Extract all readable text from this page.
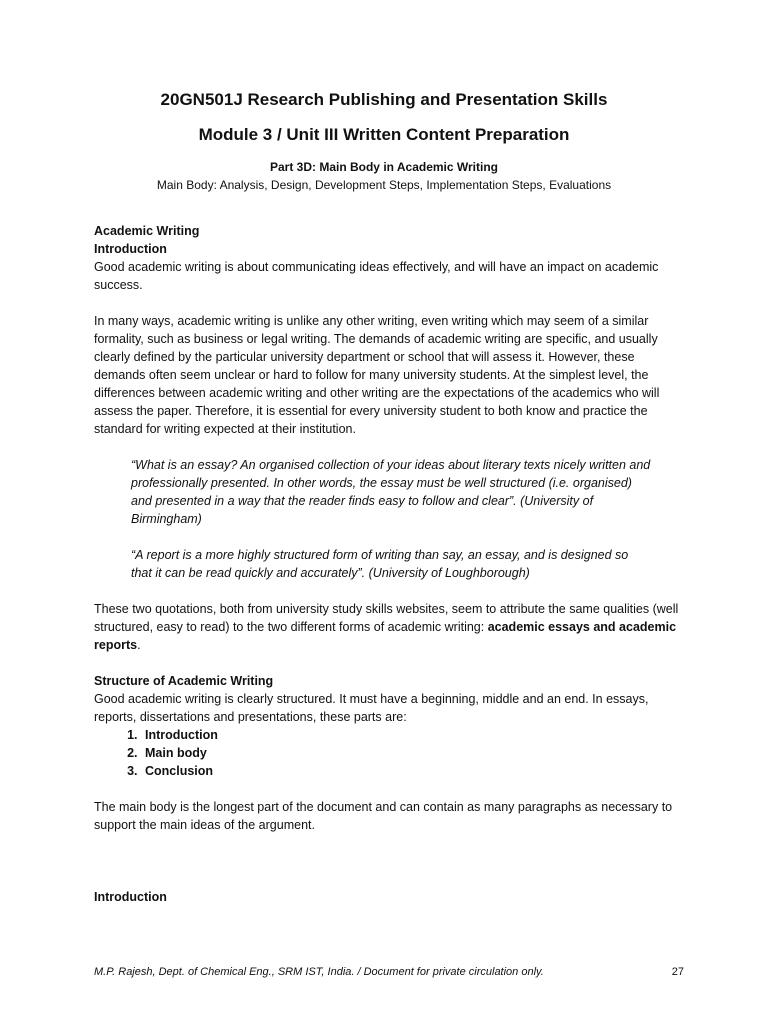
20GN501J Research Publishing and Presentation Skills
Module 3 / Unit III Written Content Preparation
Part 3D: Main Body in Academic Writing
Main Body: Analysis, Design, Development Steps, Implementation Steps, Evaluations

Academic Writing

Introduction

Good academic writing is about communicating ideas effectively, and will have an impact on academic success.

In many ways, academic writing is unlike any other writing, even writing which may seem of a similar formality, such as business or legal writing. The demands of academic writing are specific, and usually clearly defined by the particular university department or school that will assess it. However, these demands often seem unclear or hard to follow for many university students. At the simplest level, the differences between academic writing and other writing are the expectations of the academics who will assess the paper. Therefore, it is essential for every university student to both know and practice the standard for writing expected at their institution.

“What is an essay? An organised collection of your ideas about literary texts nicely written and professionally presented. In other words, the essay must be well structured (i.e. organised) and presented in a way that the reader finds easy to follow and clear”. (University of Birmingham)

“A report is a more highly structured form of writing than say, an essay, and is designed so that it can be read quickly and accurately”. (University of Loughborough)

These two quotations, both from university study skills websites, seem to attribute the same qualities (well structured, easy to read) to the two different forms of academic writing: academic essays and academic reports.

Structure of Academic Writing

Good academic writing is clearly structured. It must have a beginning, middle and an end. In essays, reports, dissertations and presentations, these parts are:

1. Introduction
2. Main body
3. Conclusion

The main body is the longest part of the document and can contain as many paragraphs as necessary to support the main ideas of the argument.

Introduction

M.P. Rajesh, Dept. of Chemical Eng., SRM IST, India. / Document for private circulation only.	27
